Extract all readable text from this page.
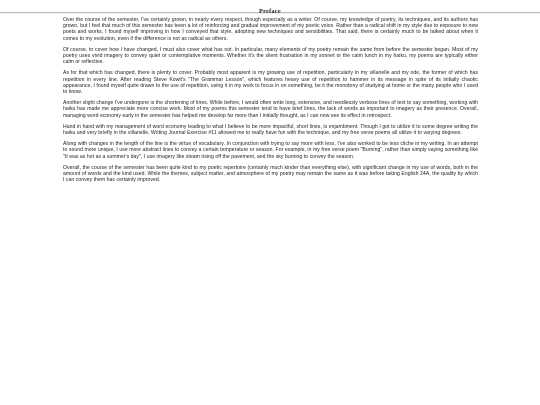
Preface

Over the course of the semester, I've certainly grown, in nearly every respect, though especially as a writer. Of course, my knowledge of poetry, its techniques, and its authors has grown, but I feel that much of this semester has been a lot of reinforcing and gradual improvement of my poetic voice. Rather than a radical shift in my style due to exposure to new poets and works, I found myself improving in how I conveyed that style, adopting new techniques and sensibilities. That said, there is certainly much to be talked about when it comes to my evolution, even if the difference is not as radical as others.

Of course, to cover how I have changed, I must also cover what has not. In particular, many elements of my poetry remain the same from before the semester began. Most of my poetry uses vivid imagery to convey quiet or contemplative moments. Whether it's the silent frustration in my sonnet or the calm lunch in my haiku, my poems are typically either calm or reflective.

As for that which has changed, there is plenty to cover. Probably most apparent is my growing use of repetition, particularly in my villanelle and my ode, the former of which has repetition in every line. After reading Steve Kowit's "The Grammar Lesson", which features heavy use of repetition to hammer in its message in spite of its initially chaotic appearance, I found myself quite drawn to the use of repetition, using it in my work to focus in on something, be it the monotony of studying at home or the many people who I used to know.

Another slight change I've undergone is the shortening of lines. While before, I would often write long, extensive, and needlessly verbose lines of text to say something, working with haiku has made me appreciate more concise work. Most of my poems this semester tend to have brief lines, the lack of words as important to imagery as their presence. Overall, managing word economy early in the semester has helped me develop far more than I initially thought, as I can now see its effect in retrospect.

Hand in hand with my management of word economy leading to what I believe to be more impactful, short lines, is enjambment. Though I got to utilize it to some degree writing the haiku and very briefly in the villanelle, Writing Journal Exercise #11 allowed me to really have fun with the technique, and my free verse poems all utilize it to varying degrees.

Along with changes in the length of the line is the virtue of vocabulary. In conjunction with trying to say more with less, I've also worked to be less cliche in my writing. In an attempt to sound more unique, I use more abstract lines to convey a certain temperature or season. For example, in my free verse poem "Burning", rather than simply saying something like "It was as hot as a summer's day", I use imagery like steam rising off the pavement, and the sky burning to convey the season.

Overall, the course of the semester has been quite kind to my poetic repertoire (certainly much kinder than everything else), with significant change in my use of words, both in the amount of words and the kind used. While the themes, subject matter, and atmosphere of my poetry may remain the same as it was before taking English 24A, the quality by which I can convey them has certainly improved.
